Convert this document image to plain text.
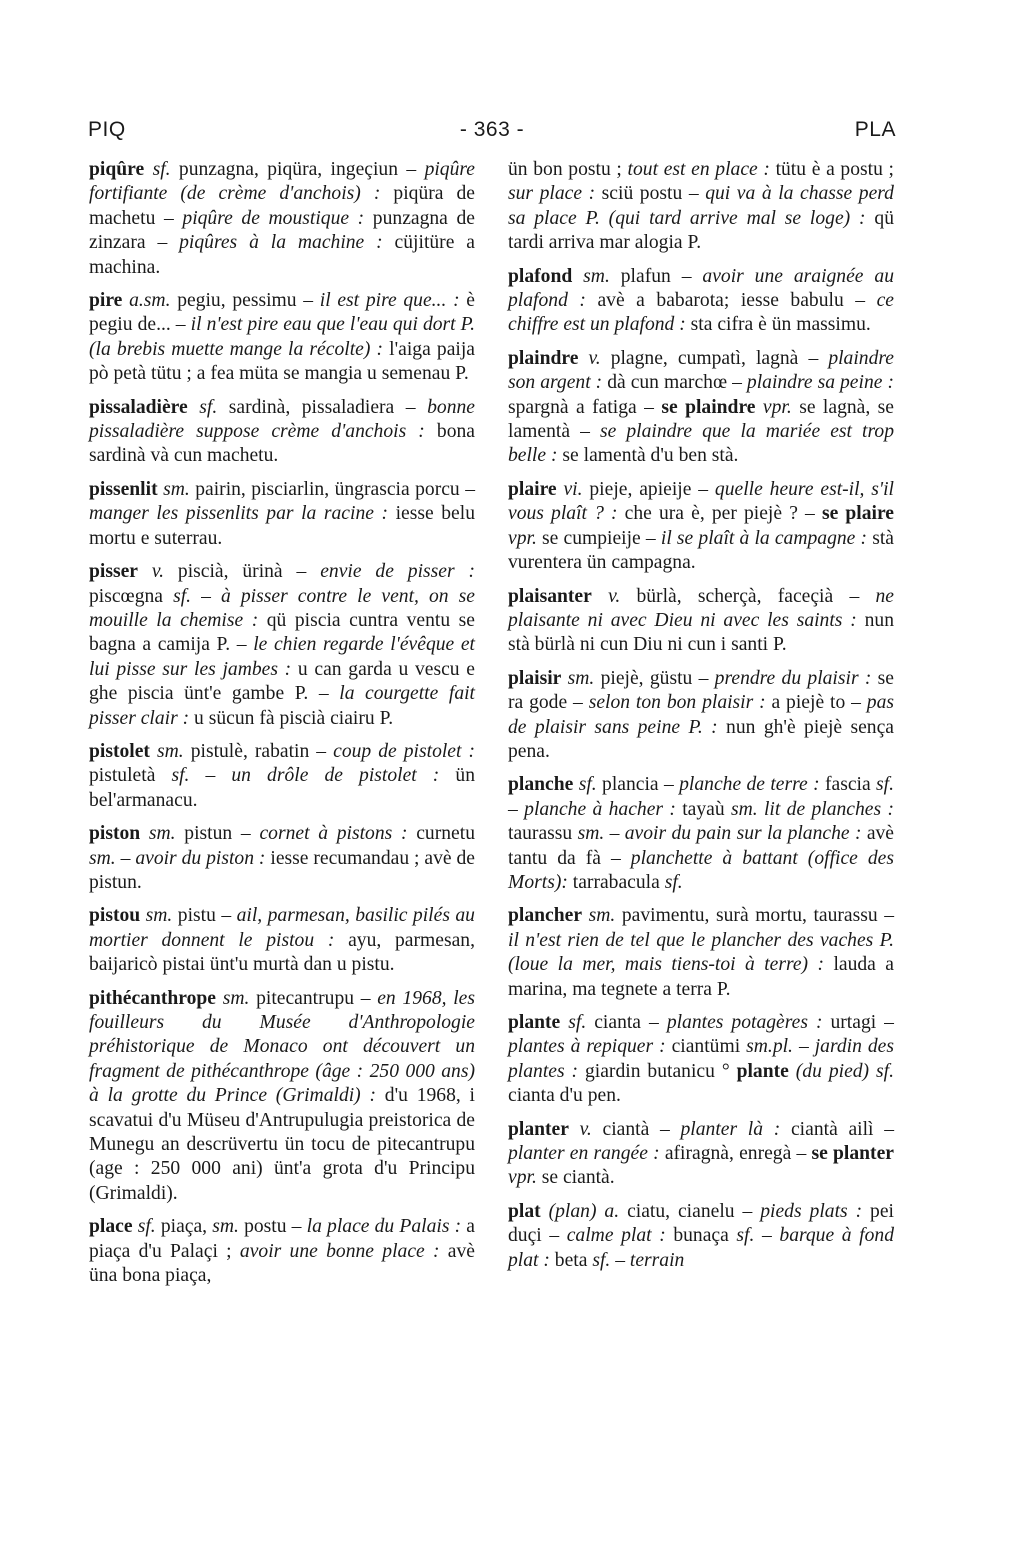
PIQ	- 363 -	PLA

piqûre sf. punzagna, piqüra, ingeçiun – piqûre fortifiante (de crème d'anchois) : piqüra de machetu – piqûre de moustique : punzagna de zinzara – piqûres à la machine : cüjitüre a machina.

pire a.sm. pegiu, pessimu – il est pire que... : è pegiu de... – il n'est pire eau que l'eau qui dort P. (la brebis muette mange la récolte) : l'aiga paija pò petà tütu ; a fea müta se mangia u semenau P.

pissaladière sf. sardinà, pissaladiera – bonne pissaladière suppose crème d'anchois : bona sardinà và cun machetu.

pissenlit sm. pairin, pisciarlin, üngrascia porcu – manger les pissenlits par la racine : iesse belu mortu e suterrau.

pisser v. piscià, ürinà – envie de pisser : piscœgna sf. – à pisser contre le vent, on se mouille la chemise : qü piscia cuntra ventu se bagna a camija P. – le chien regarde l'évêque et lui pisse sur les jambes : u can garda u vescu e ghe piscia ünt'e gambe P. – la courgette fait pisser clair : u sücun fà piscià ciairu P.

pistolet sm. pistulè, rabatin – coup de pistolet : pistuletà sf. – un drôle de pistolet : ün bel'armanacu.

piston sm. pistun – cornet à pistons : curnetu sm. – avoir du piston : iesse recumandau ; avè de pistun.

pistou sm. pistu – ail, parmesan, basilic pilés au mortier donnent le pistou : ayu, parmesan, baijaricò pistai ünt'u murtà dan u pistu.

pithécanthrope sm. pitecantrupu – en 1968, les fouilleurs du Musée d'Anthropologie préhistorique de Monaco ont découvert un fragment de pithécanthrope (âge : 250 000 ans) à la grotte du Prince (Grimaldi) : d'u 1968, i scavatui d'u Müseu d'Antrupulugia preistorica de Munegu an descrüvertu ün tocu de pitecantrupu (age : 250 000 ani) ünt'a grota d'u Principu (Grimaldi).

place sf. piaça, sm. postu – la place du Palais : a piaça d'u Palaçi ; avoir une bonne place : avè üna bona piaça,

ün bon postu ; tout est en place : tütu è a postu ; sur place : sciü postu – qui va à la chasse perd sa place P. (qui tard arrive mal se loge) : qü tardi arriva mar alogia P.

plafond sm. plafun – avoir une araignée au plafond : avè a babarota; iesse babulu – ce chiffre est un plafond : sta cifra è ün massimu.

plaindre v. plagne, cumpatì, lagnà – plaindre son argent : dà cun marchœ – plaindre sa peine : spargnà a fatiga – se plaindre vpr. se lagnà, se lamentà – se plaindre que la mariée est trop belle : se lamentà d'u ben stà.

plaire vi. pieje, apieije – quelle heure est-il, s'il vous plaît ? : che ura è, per piejè ? – se plaire vpr. se cumpieije – il se plaît à la campagne : stà vurentera ün campagna.

plaisanter v. bürlà, scherçà, faceçià – ne plaisante ni avec Dieu ni avec les saints : nun stà bürlà ni cun Diu ni cun i santi P.

plaisir sm. piejè, güstu – prendre du plaisir : se ra gode – selon ton bon plaisir : a piejè to – pas de plaisir sans peine P. : nun gh'è piejè sença pena.

planche sf. plancia – planche de terre : fascia sf. – planche à hacher : tayaù sm. lit de planches : taurassu sm. – avoir du pain sur la planche : avè tantu da fà – planchette à battant (office des Morts): tarrabacula sf.

plancher sm. pavimentu, surà mortu, taurassu – il n'est rien de tel que le plancher des vaches P. (loue la mer, mais tiens-toi à terre) : lauda a marina, ma tegnete a terra P.

plante sf. cianta – plantes potagères : urtagi – plantes à repiquer : ciantümi sm.pl. – jardin des plantes : giardin butanicu ° plante (du pied) sf. cianta d'u pen.

planter v. ciantà – planter là : ciantà ailì – planter en rangée : afiragnà, enregà – se planter vpr. se ciantà.

plat (plan) a. ciatu, cianelu – pieds plats : pei duçi – calme plat : bunaça sf. – barque à fond plat : beta sf. – terrain
